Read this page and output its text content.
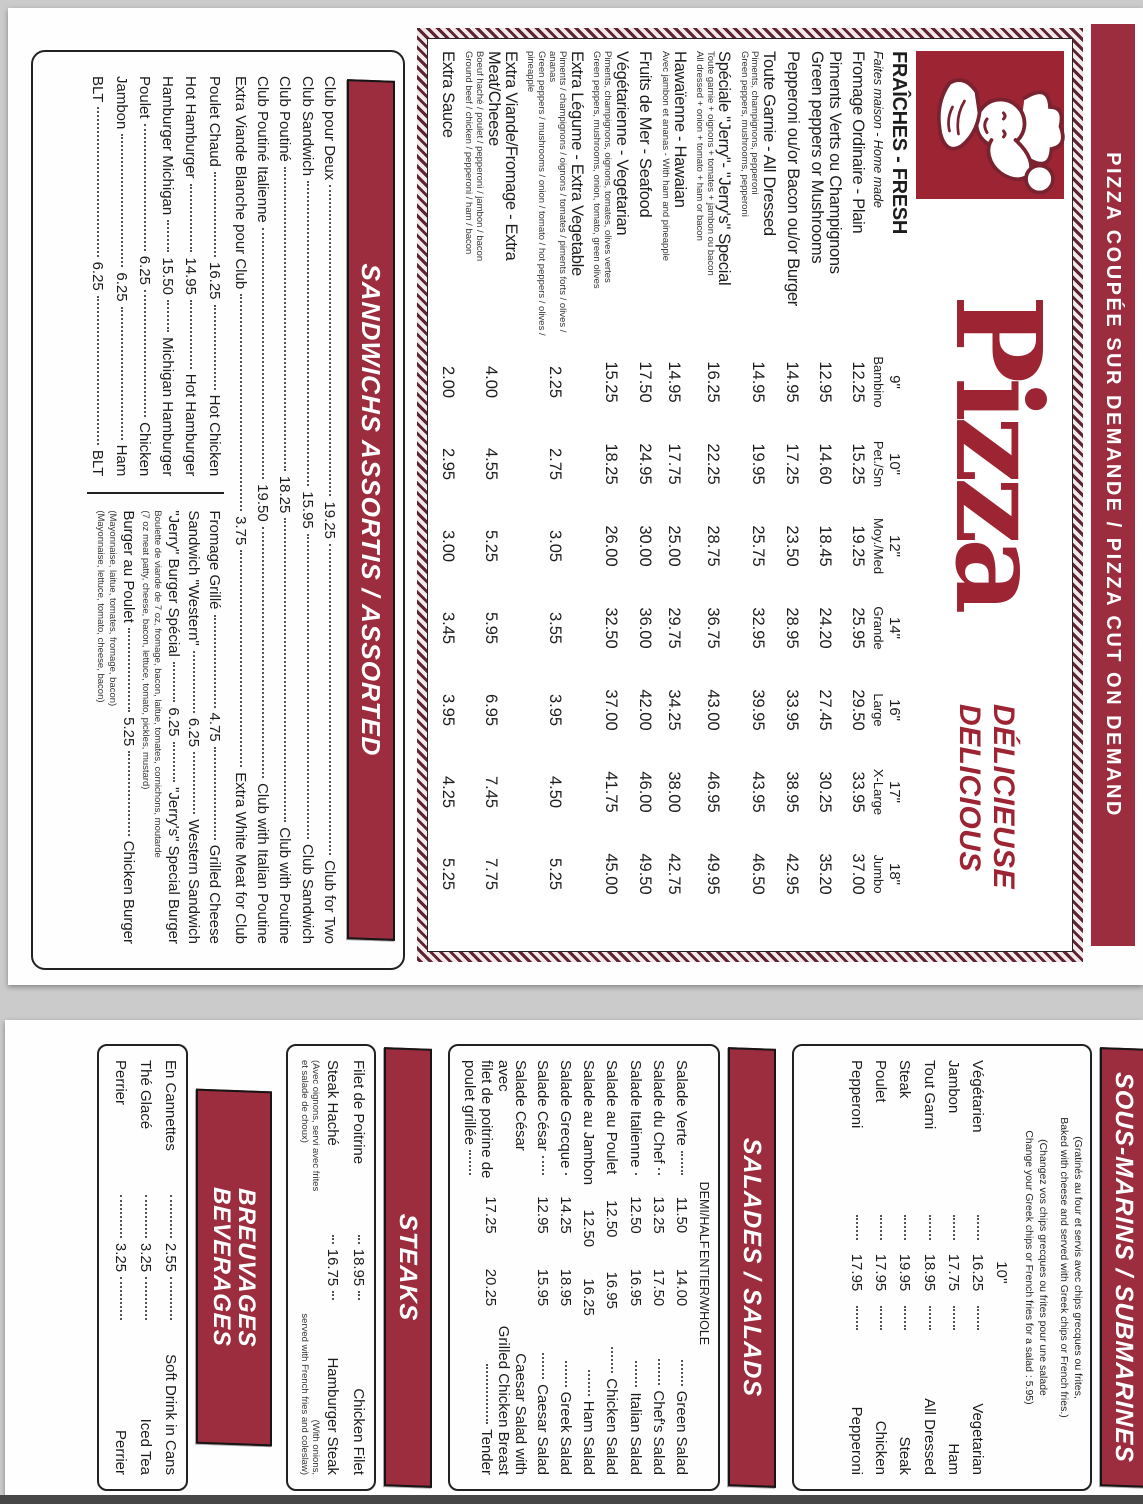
PIZZA COUPÉE SUR DEMANDE / PIZZA CUT ON DEMAND
Pizza
DÉLICIEUSE
DELICIOUS
FRAÎCHES - FRESH
Faites maison - Home made
9"
Bambino
10"
Pet./Sm
12"
Moy./Med
14"
Grande
16"
Large
17"
X-Large
18"
Jumbo
Fromage Ordinaire - Plain
12.25
15.25
19.25
25.95
29.50
33.95
37.00
Piments Verts ou Champignons
Green peppers or Mushrooms
12.95
14.60
18.45
24.20
27.45
30.25
35.20
Pepperoni ou/or Bacon ou/or Burger
14.95
17.25
23.50
28.95
33.95
38.95
42.95
Toute Garnie - All Dressed
Piments, champignons, pepperoni
Green peppers, mushrooms, pepperoni
14.95
19.95
25.75
32.95
39.95
43.95
46.50
Spéciale "Jerry"- "Jerry's" Special
Toute garnie + oignons + tomates + jambon ou bacon
All dressed + onion + tomato + ham or bacon
16.25
22.25
28.75
36.75
43.00
46.95
49.95
Hawaïenne - Hawaian
Avec jambon et ananas - With ham and pineapple
14.95
17.75
25.00
29.75
34.25
38.00
42.75
Fruits de Mer - Seafood
17.50
24.95
30.00
36.00
42.00
46.00
49.50
Végétarienne - Vegetarian
Piments, champignons, oignons, tomates, olives vertes
Green peppers, mushrooms, onion, tomato, green olives
15.25
18.25
26.00
32.50
37.00
41.75
45.00
Extra Légume - Extra Vegetable
Piments / champignons / oignons / tomates / piments forts / olives / ananas
Green peppers / mushrooms / onion / tomato / hot peppers / olives / pineapple
2.25
2.75
3.05
3.55
3.95
4.50
5.25
Extra Viande/Fromage - Extra Meat/Cheese
Boeuf haché / poulet / pepperoni / jambon / bacon
Ground beef / chicken / pepperoni / ham / bacon
4.00
4.55
5.25
5.95
6.95
7.45
7.75
Extra Sauce
2.00
2.95
3.00
3.45
3.95
4.25
5.25
SANDWICHS ASSORTIS / ASSORTED
Club pour Deux
19.25
Club for Two
Club Sandwich
15.95
Club Sandwich
Club Poutiné
18.25
Club with Poutine
Club Poutiné Italienne
19.50
Club with Italian Poutine
Extra Viande Blanche pour Club
3.75
Extra White Meat for Club
Poulet Chaud
16.25
Hot Chicken
Hot Hamburger
14.95
Hot Hamburger
Hamburger Michigan
15.50
Michigan Hamburger
Poulet
6.25
Chicken
Jambon
6.25
Ham
BLT
6.25
BLT
Fromage Grillé
4.75
Grilled Cheese
Sandwich "Western"
6.25
Western Sandwich
"Jerry" Burger Spécial
6.25
"Jerry's" Special Burger
Boulette de viande de 7 oz, fromage, bacon, laitue, tomates, cornichons, moutarde
(7 oz meat patty, cheese, bacon, lettuce, tomato, pickles, mustard)
Burger au Poulet
5.25
Chicken Burger
(Mayonnaise, laitue, tomates, fromage, bacon)
(Mayonnaise, lettuce, tomato, cheese, bacon)
SOUS-MARINS / SUBMARINES
(Gratinés au four et servis avec chips grecques ou frites,
Baked with cheese and served with Greek chips or French fries.)
(Changez vos chips grecques ou frites pour une salade
Change your Greek chips or French fries for a salad : 5.95)
10''
Végétarien
16.25
Vegetarian
Jambon
17.75
Ham
Tout Garni
18.95
All Dressed
Steak
19.95
Steak
Poulet
17.95
Chicken
Pepperoni
17.95
Pepperoni
SALADES / SALADS
DEMI/HALF
ENTIER/WHOLE
Salade Verte
11.50
14.00
Green Salad
Salade du Chef
13.25
17.50
Chef's Salad
Salade Italienne
12.50
16.95
Italian Salad
Salade au Poulet
12.50
16.95
Chicken Salad
Salade au Jambon
12.50
16.25
Ham Salad
Salade Grecque
14.25
18.95
Greek Salad
Salade César
12.95
15.95
Caesar Salad
Salade César avec
filet de poitrine de
poulet grillée
17.25
20.25
Caesar Salad with
Grilled Chicken Breast
Tender
STEAKS
Filet de Poitrine
18.95
Chicken Filet
Steak Haché
16.75
Hamburger Steak
(Avec oignons, servi avec frites
et salade de choux)
(With onions,
served with French fries and coleslaw)
BREUVAGES
BEVERAGES
En Cannettes
2.55
Soft Drink in Cans
Thé Glacé
3.25
Iced Tea
Perrier
3.25
Perrier
